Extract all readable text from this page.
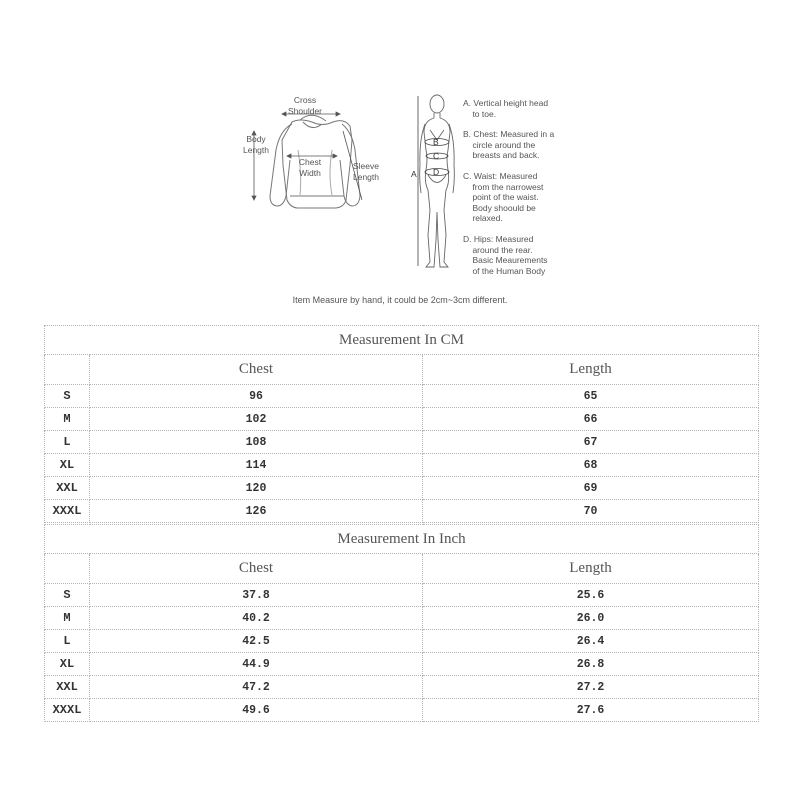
Cross
Shoulder
Body
Length
Chest
Width
Sleeve
Length	A
B
C
D
A. Vertical height head
to toe.
B. Chest: Measured in a
circle around the
breasts and back.
C. Waist: Measured
from the narrowest
point of the waist.
Body shoould be
relaxed.
D. Hips: Measured
around the rear.
Basic Meaurements
of the Human Body
Item Measure by hand, it could be 2cm~3cm different.
Measurement In CM		
	Chest	Length
S	96	65
M	102	66
L	108	67
XL	114	68
XXL	120	69
XXXL	126	70
Measurement In Inch		
	Chest	Length
S	37.8	25.6
M	40.2	26.0
L	42.5	26.4
XL	44.9	26.8
XXL	47.2	27.2
XXXL	49.6	27.6
